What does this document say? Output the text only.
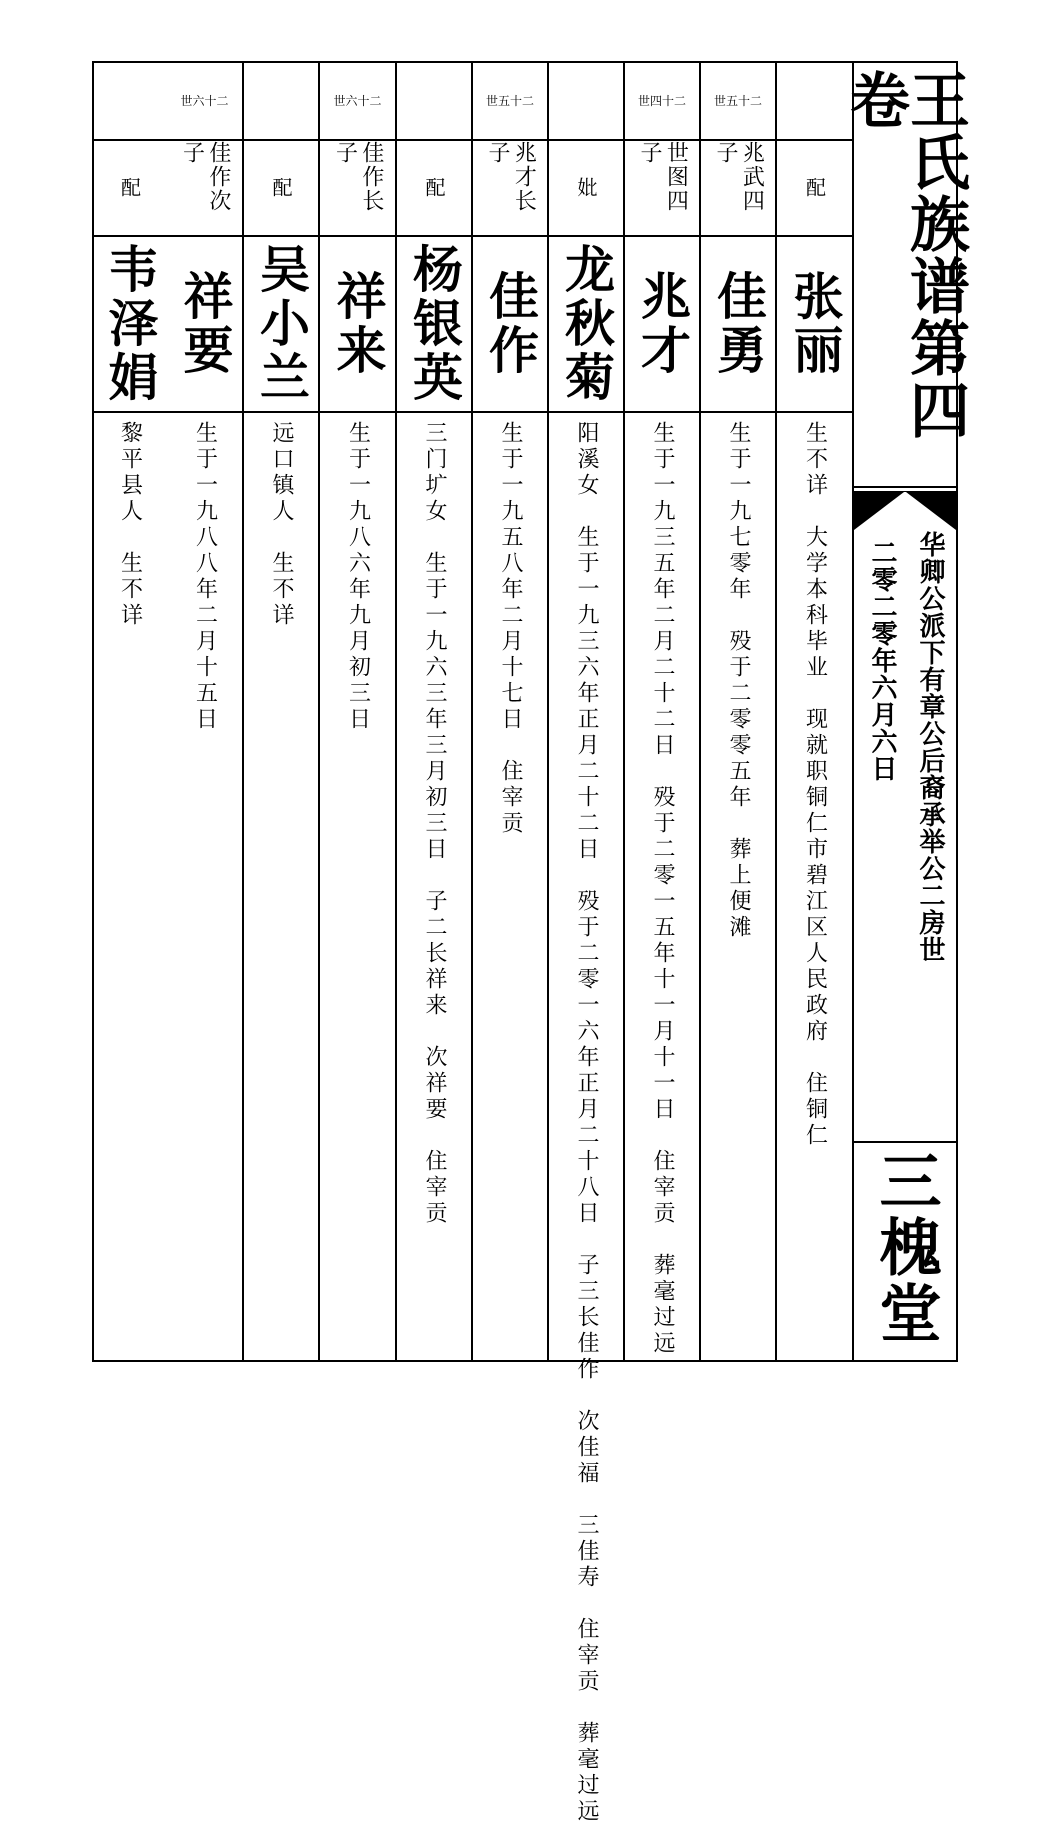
王氏族谱第四卷
华卿公派下有章公后裔承举公二房世
二零二零年六月六日
三槐堂
配
张丽
生不详　大学本科毕业　现就职铜仁市碧江区人民政府　住铜仁
世五十二
兆武四子
佳勇
生于一九七零年　殁于二零零五年　葬上便滩
世四十二
世图四子
兆才
生于一九三五年二月二十二日　殁于二零一五年十一月十一日　住宰贡　葬毫过远
妣
龙秋菊
阳溪女　生于一九三六年正月二十二日　殁于二零一六年正月二十八日　子三长佳作　次佳福　三佳寿　住宰贡　葬毫过远
世五十二
兆才长子
佳作
生于一九五八年二月十七日　住宰贡
配
杨银英
三门圹女　生于一九六三年三月初三日　子二长祥来　次祥要　住宰贡
世六十二
佳作长子
祥来
生于一九八六年九月初三日
配
吴小兰
远口镇人　生不详
世六十二
佳作次子
祥要
生于一九八八年二月十五日
配
韦泽娟
黎平县人　生不详
